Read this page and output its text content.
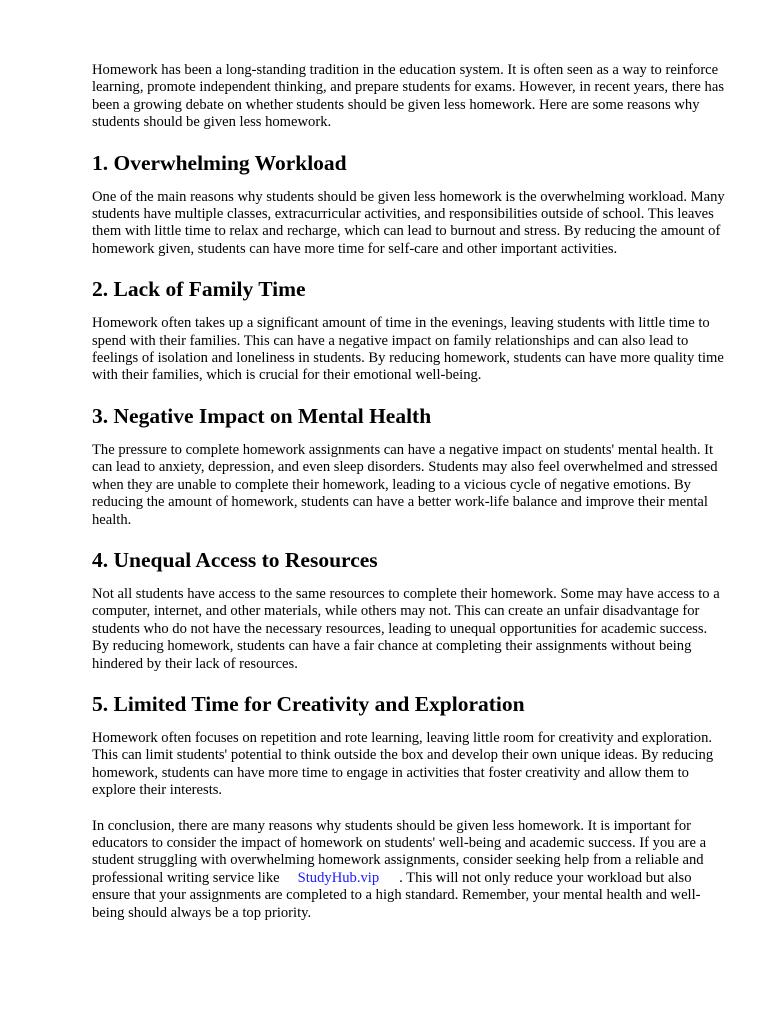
Homework has been a long-standing tradition in the education system. It is often seen as a way to reinforce learning, promote independent thinking, and prepare students for exams. However, in recent years, there has been a growing debate on whether students should be given less homework. Here are some reasons why students should be given less homework.

1. Overwhelming Workload

One of the main reasons why students should be given less homework is the overwhelming workload. Many students have multiple classes, extracurricular activities, and responsibilities outside of school. This leaves them with little time to relax and recharge, which can lead to burnout and stress. By reducing the amount of homework given, students can have more time for self-care and other important activities.

2. Lack of Family Time

Homework often takes up a significant amount of time in the evenings, leaving students with little time to spend with their families. This can have a negative impact on family relationships and can also lead to feelings of isolation and loneliness in students. By reducing homework, students can have more quality time with their families, which is crucial for their emotional well-being.

3. Negative Impact on Mental Health

The pressure to complete homework assignments can have a negative impact on students' mental health. It can lead to anxiety, depression, and even sleep disorders. Students may also feel overwhelmed and stressed when they are unable to complete their homework, leading to a vicious cycle of negative emotions. By reducing the amount of homework, students can have a better work-life balance and improve their mental health.

4. Unequal Access to Resources

Not all students have access to the same resources to complete their homework. Some may have access to a computer, internet, and other materials, while others may not. This can create an unfair disadvantage for students who do not have the necessary resources, leading to unequal opportunities for academic success. By reducing homework, students can have a fair chance at completing their assignments without being hindered by their lack of resources.

5. Limited Time for Creativity and Exploration

Homework often focuses on repetition and rote learning, leaving little room for creativity and exploration. This can limit students' potential to think outside the box and develop their own unique ideas. By reducing homework, students can have more time to engage in activities that foster creativity and allow them to explore their interests.

In conclusion, there are many reasons why students should be given less homework. It is important for educators to consider the impact of homework on students' well-being and academic success. If you are a student struggling with overwhelming homework assignments, consider seeking help from a reliable and professional writing service like StudyHub.vip . This will not only reduce your workload but also ensure that your assignments are completed to a high standard. Remember, your mental health and well-being should always be a top priority.
